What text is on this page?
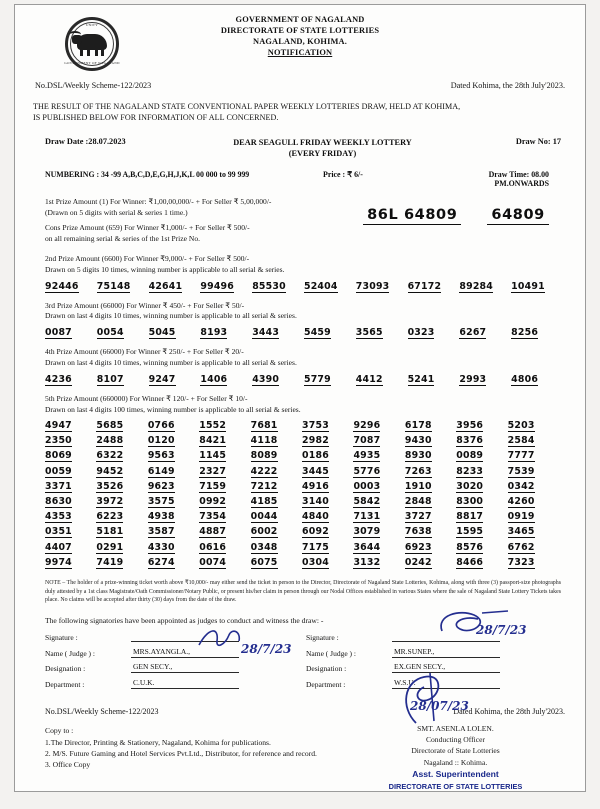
UNITY
GOVERNMENT OF NAGALAND
GOVERNMENT OF NAGALAND
DIRECTORATE OF STATE LOTTERIES
NAGALAND, KOHIMA.
NOTIFICATION
No.DSL/Weekly Scheme-122/2023	Dated Kohima, the 28th July'2023.
THE RESULT OF THE NAGALAND STATE CONVENTIONAL PAPER WEEKLY LOTTERIES DRAW, HELD AT KOHIMA,
IS PUBLISHED BELOW FOR INFORMATION OF ALL CONCERNED.
Draw Date :28.07.2023	DEAR SEAGULL FRIDAY WEEKLY LOTTERY
(EVERY FRIDAY)
Draw No: 17
NUMBERING : 34 -99 A,B,C,D,E,G,H,J,K,L 00 000 to 99 999	Price : ₹ 6/-	Draw Time: 08.00 PM.ONWARDS

1st Prize Amount (1) For Winner: ₹1,00,00,000/- + For Seller ₹ 5,00,000/-

(Drawn on 5 digits with serial & series 1 time.)

Cons Prize Amount (659) For Winner ₹1,000/- + For Seller ₹ 500/-

on all remaining serial & series of the 1st Prize No.

86L 64809 64809

2nd Prize Amount (6600) For Winner ₹9,000/- + For Seller ₹ 500/-

Drawn on 5 digits 10 times, winning number is applicable to all serial & series.

92446	75148	42641	99496	85530	52404	73093	67172	89284	10491

3rd Prize Amount (66000) For Winner ₹ 450/- + For Seller ₹ 50/-

Drawn on last 4 digits 10 times, winning number is applicable to all serial & series.

0087	0054	5045	8193	3443	5459	3565	0323	6267	8256

4th Prize Amount (66000) For Winner ₹ 250/- + For Seller ₹ 20/-

Drawn on last 4 digits 10 times, winning number is applicable to all serial & series.

4236	8107	9247	1406	4390	5779	4412	5241	2993	4806

5th Prize Amount (660000) For Winner ₹ 120/- + For Seller ₹ 10/-

Drawn on last 4 digits 100 times, winning number is applicable to all serial & series.

4947	5685	0766	1552	7681	3753	9296	6178	3956	5203
2350	2488	0120	8421	4118	2982	7087	9430	8376	2584
8069	6322	9563	1145	8089	0186	4935	8930	0089	7777
0059	9452	6149	2327	4222	3445	5776	7263	8233	7539
3371	3526	9623	7159	7212	4916	0003	1910	3020	0342
8630	3972	3575	0992	4185	3140	5842	2848	8300	4260
4353	6223	4938	7354	0044	4840	7131	3727	8817	0919
0351	5181	3587	4887	6002	6092	3079	7638	1595	3465
4407	0291	4330	0616	0348	7175	3644	6923	8576	6762
9974	7419	6274	0074	6075	0304	3132	0242	8466	7323
NOTE – The holder of a prize-winning ticket worth above ₹10,000/- may either send the ticket in person to the Director, Directorate of Nagaland State Lotteries, Kohima, along with three (3) passport-size photographs duly attested by a 1st class Magistrate/Oath Commissioner/Notary Public, or present his/her claim in person through our Nodal Offices established in various States where the sale of Nagaland State Lottery Tickets takes place. No claims will be accepted after thirty (30) days from the date of the draw.
The following signatories have been appointed as judges to conduct and witness the draw: -
Signature :
Name ( Judge ) :	MRS.AYANGLA.,
Designation :	GEN SECY.,
Department :	C.U.K.
28/7/23
Signature :
Name ( Judge ) :	MR.SUNEP.,
Designation :	EX.GEN SECY.,
Department :	W.S.U.
28/7/23
No.DSL/Weekly Scheme-122/2023	Dated Kohima, the 28th July'2023.
Copy to :
1.The Director, Printing & Stationery, Nagaland, Kohima for publications.
2. M/S. Future Gaming and Hotel Services Pvt.Ltd., Distributor, for reference and record.
3. Office Copy
28/07/23
SMT. ASENLA LOLEN.
Conducting Officer
Directorate of State Lotteries
Nagaland :: Kohima.
Asst. Superintendent
DIRECTORATE OF STATE LOTTERIES
